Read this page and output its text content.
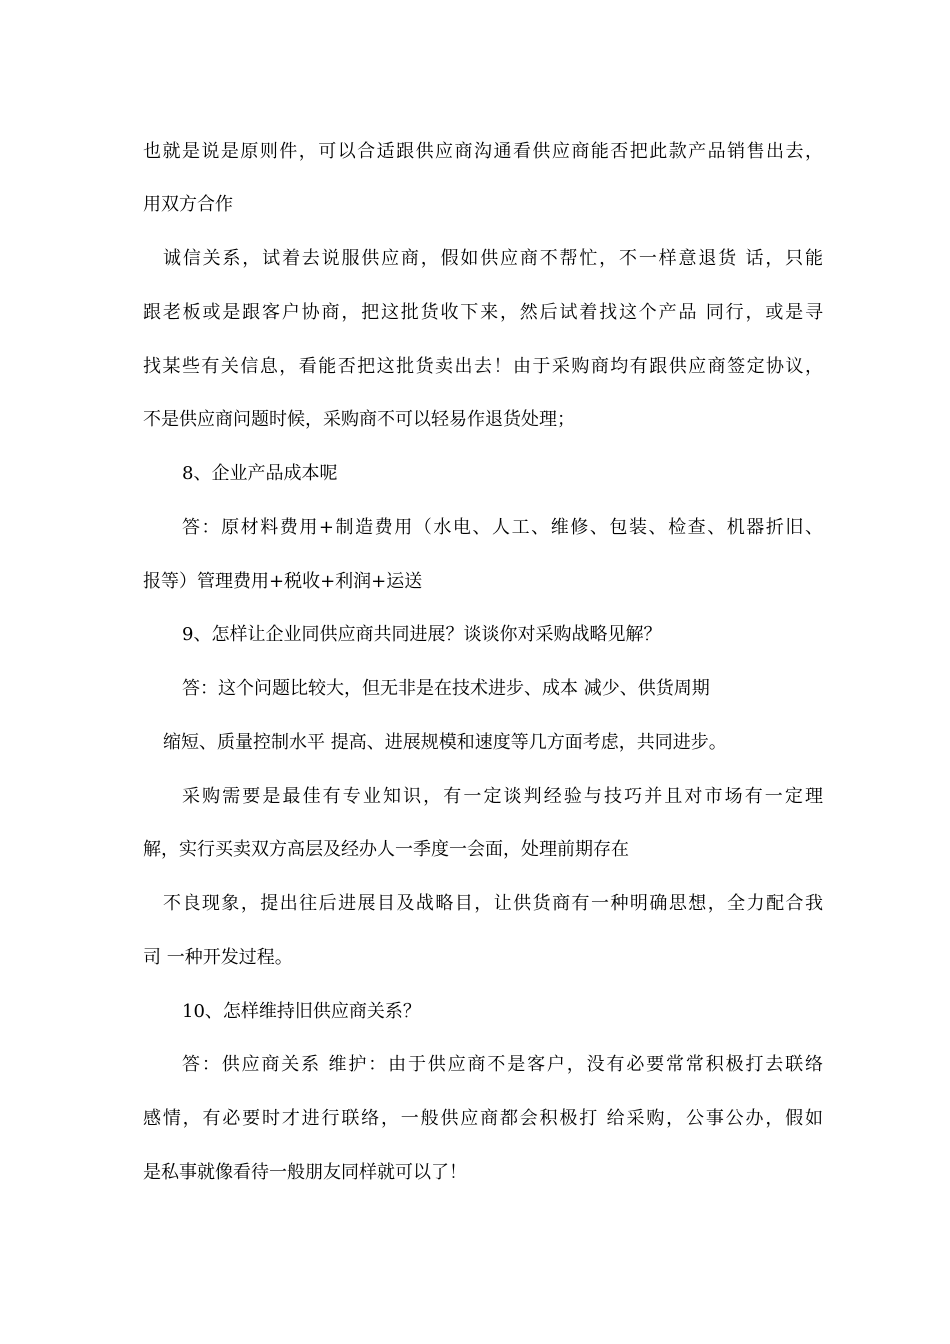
也就是说是原则件，可以合适跟供应商沟通看供应商能否把此款产品销售出去，
用双方合作
诚信关系，试着去说服供应商，假如供应商不帮忙，不一样意退货 话，只能
跟老板或是跟客户协商，把这批货收下来，然后试着找这个产品 同行，或是寻
找某些有关信息，看能否把这批货卖出去！由于采购商均有跟供应商签定协议，
不是供应商问题时候，采购商不可以轻易作退货处理；
8、企业产品成本呢
答：原材料费用+制造费用（水电、人工、维修、包装、检查、机器折旧、
报等）管理费用+税收+利润+运送
9、怎样让企业同供应商共同进展？谈谈你对采购战略见解？
答：这个问题比较大，但无非是在技术进步、成本 减少、供货周期
缩短、质量控制水平 提高、进展规模和速度等几方面考虑，共同进步。
采购需要是最佳有专业知识，有一定谈判经验与技巧并且对市场有一定理
解，实行买卖双方高层及经办人一季度一会面，处理前期存在
不良现象，提出往后进展目及战略目，让供货商有一种明确思想，全力配合我
司 一种开发过程。
10、怎样维持旧供应商关系？
答：供应商关系 维护：由于供应商不是客户，没有必要常常积极打去联络
感情，有必要时才进行联络，一般供应商都会积极打 给采购，公事公办，假如
是私事就像看待一般朋友同样就可以了！
